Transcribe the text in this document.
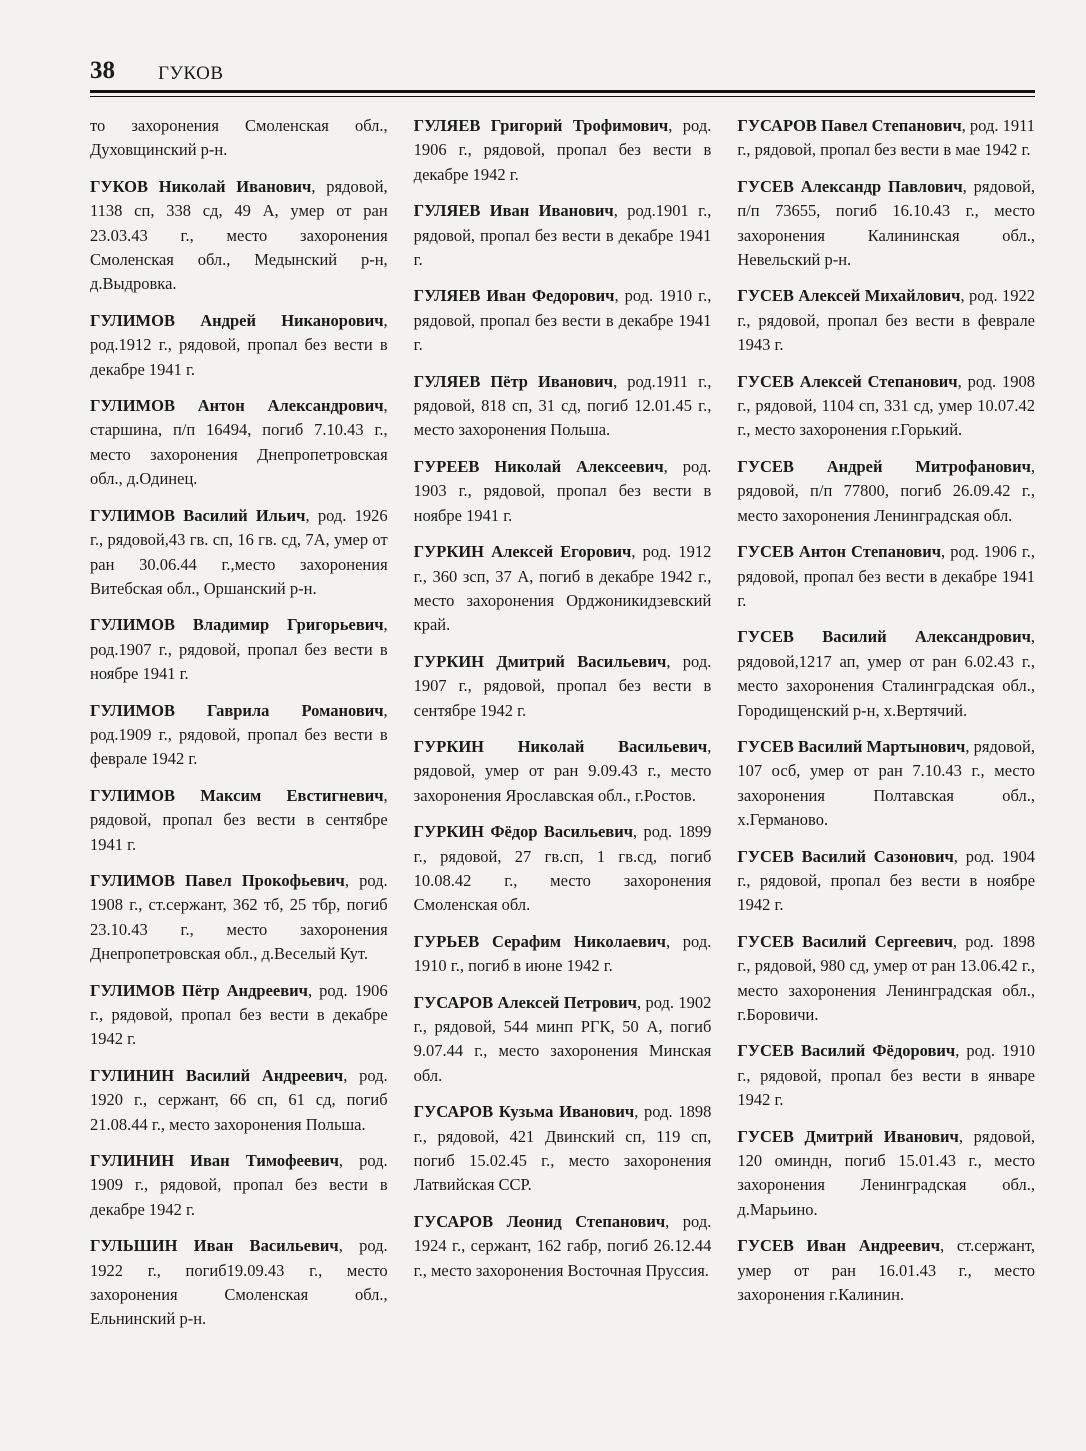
38 ГУКОВ

то захоронения Смоленская обл., Духовщинский р-н.

ГУКОВ Николай Иванович, рядовой, 1138 сп, 338 сд, 49 А, умер от ран 23.03.43 г., место захоронения Смоленская обл., Медынский р-н, д.Выдровка.

ГУЛИМОВ Андрей Никанорович, род.1912 г., рядовой, пропал без вести в декабре 1941 г.

ГУЛИМОВ Антон Александрович, старшина, п/п 16494, погиб 7.10.43 г., место захоронения Днепропетровская обл., д.Одинец.

ГУЛИМОВ Василий Ильич, род. 1926 г., рядовой,43 гв. сп, 16 гв. сд, 7А, умер от ран 30.06.44 г.,место захоронения Витебская обл., Оршанский р-н.

ГУЛИМОВ Владимир Григорьевич, род.1907 г., рядовой, пропал без вести в ноябре 1941 г.

ГУЛИМОВ Гаврила Романович, род.1909 г., рядовой, пропал без вести в феврале 1942 г.

ГУЛИМОВ Максим Евстигневич, рядовой, пропал без вести в сентябре 1941 г.

ГУЛИМОВ Павел Прокофьевич, род. 1908 г., ст.сержант, 362 тб, 25 тбр, погиб 23.10.43 г., место захоронения Днепропетровская обл., д.Веселый Кут.

ГУЛИМОВ Пётр Андреевич, род. 1906 г., рядовой, пропал без вести в декабре 1942 г.

ГУЛИНИН Василий Андреевич, род. 1920 г., сержант, 66 сп, 61 сд, погиб 21.08.44 г., место захоронения Польша.

ГУЛИНИН Иван Тимофеевич, род. 1909 г., рядовой, пропал без вести в декабре 1942 г.

ГУЛЬШИН Иван Васильевич, род. 1922 г., погиб19.09.43 г., место захоронения Смоленская обл., Ельнинский р-н.

ГУЛЯЕВ Григорий Трофимович, род. 1906 г., рядовой, пропал без вести в декабре 1942 г.

ГУЛЯЕВ Иван Иванович, род.1901 г., рядовой, пропал без вести в декабре 1941 г.

ГУЛЯЕВ Иван Федорович, род. 1910 г., рядовой, пропал без вести в декабре 1941 г.

ГУЛЯЕВ Пётр Иванович, род.1911 г., рядовой, 818 сп, 31 сд, погиб 12.01.45 г., место захоронения Польша.

ГУРЕЕВ Николай Алексеевич, род. 1903 г., рядовой, пропал без вести в ноябре 1941 г.

ГУРКИН Алексей Егорович, род. 1912 г., 360 зсп, 37 А, погиб в декабре 1942 г., место захоронения Орджоникидзевский край.

ГУРКИН Дмитрий Васильевич, род. 1907 г., рядовой, пропал без вести в сентябре 1942 г.

ГУРКИН Николай Васильевич, рядовой, умер от ран 9.09.43 г., место захоронения Ярославская обл., г.Ростов.

ГУРКИН Фёдор Васильевич, род. 1899 г., рядовой, 27 гв.сп, 1 гв.сд, погиб 10.08.42 г., место захоронения Смоленская обл.

ГУРЬЕВ Серафим Николаевич, род. 1910 г., погиб в июне 1942 г.

ГУСАРОВ Алексей Петрович, род. 1902 г., рядовой, 544 минп РГК, 50 А, погиб 9.07.44 г., место захоронения Минская обл.

ГУСАРОВ Кузьма Иванович, род. 1898 г., рядовой, 421 Двинский сп, 119 сп, погиб 15.02.45 г., место захоронения Латвийская ССР.

ГУСАРОВ Леонид Степанович, род. 1924 г., сержант, 162 габр, погиб 26.12.44 г., место захоронения Восточная Пруссия.

ГУСАРОВ Павел Степанович, род. 1911 г., рядовой, пропал без вести в мае 1942 г.

ГУСЕВ Александр Павлович, рядовой, п/п 73655, погиб 16.10.43 г., место захоронения Калининская обл., Невельский р-н.

ГУСЕВ Алексей Михайлович, род. 1922 г., рядовой, пропал без вести в феврале 1943 г.

ГУСЕВ Алексей Степанович, род. 1908 г., рядовой, 1104 сп, 331 сд, умер 10.07.42 г., место захоронения г.Горький.

ГУСЕВ Андрей Митрофанович, рядовой, п/п 77800, погиб 26.09.42 г., место захоронения Ленинградская обл.

ГУСЕВ Антон Степанович, род. 1906 г., рядовой, пропал без вести в декабре 1941 г.

ГУСЕВ Василий Александрович, рядовой,1217 ап, умер от ран 6.02.43 г., место захоронения Сталинградская обл., Городищенский р-н, х.Вертячий.

ГУСЕВ Василий Мартынович, рядовой, 107 осб, умер от ран 7.10.43 г., место захоронения Полтавская обл., х.Германово.

ГУСЕВ Василий Сазонович, род. 1904 г., рядовой, пропал без вести в ноябре 1942 г.

ГУСЕВ Василий Сергеевич, род. 1898 г., рядовой, 980 сд, умер от ран 13.06.42 г., место захоронения Ленинградская обл., г.Боровичи.

ГУСЕВ Василий Фёдорович, род. 1910 г., рядовой, пропал без вести в январе 1942 г.

ГУСЕВ Дмитрий Иванович, рядовой, 120 оминдн, погиб 15.01.43 г., место захоронения Ленинградская обл., д.Марьино.

ГУСЕВ Иван Андреевич, ст.сержант, умер от ран 16.01.43 г., место захоронения г.Калинин.
